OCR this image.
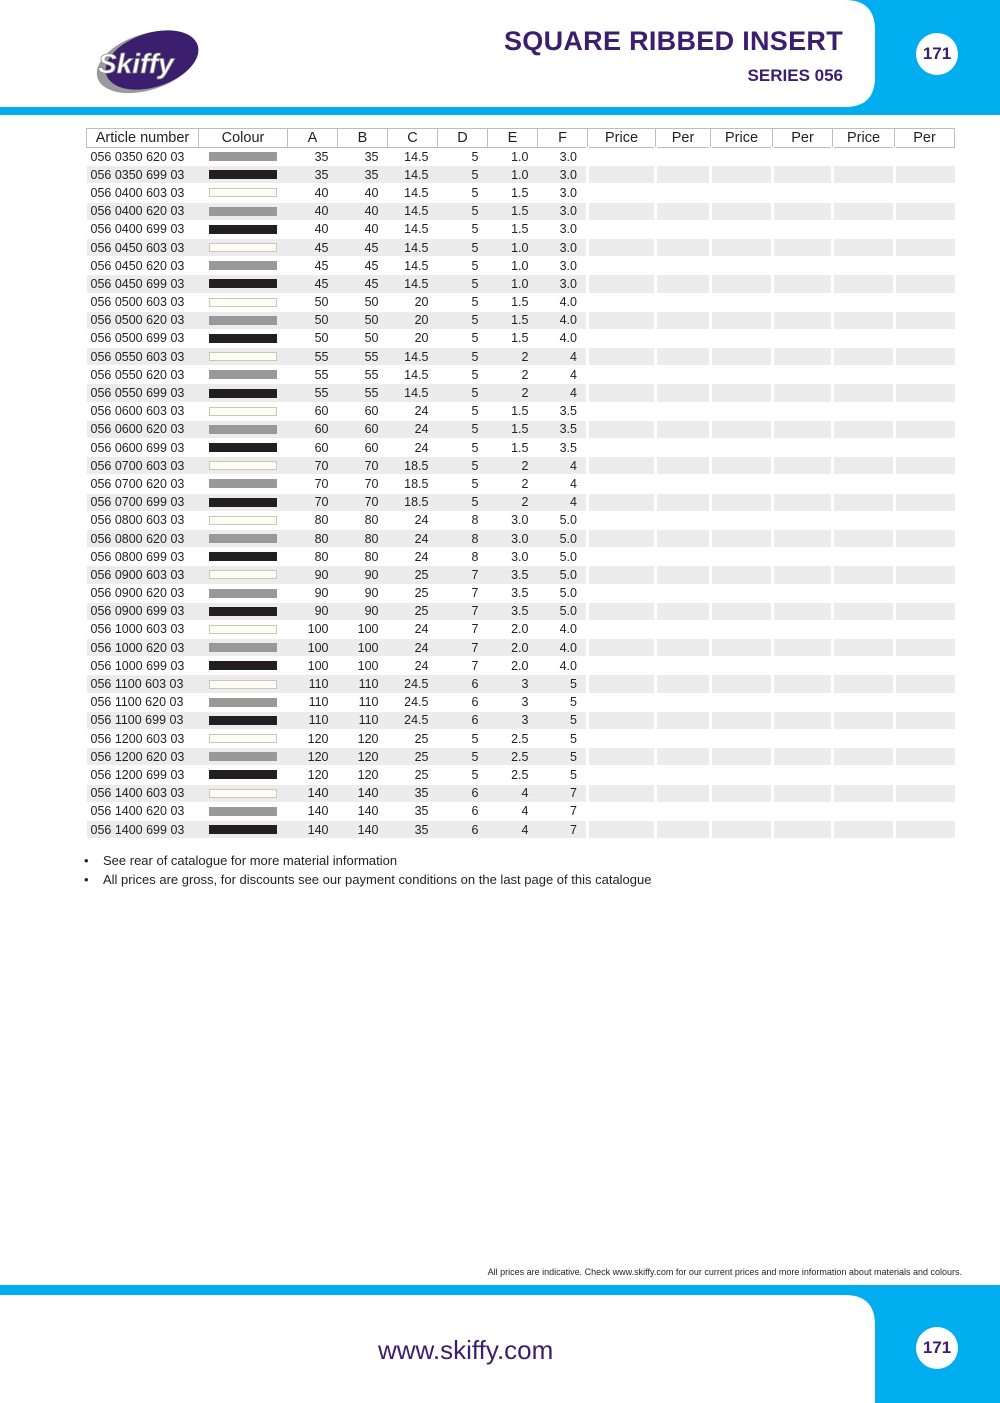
Skiffy
SQUARE RIBBED INSERT
SERIES 056
171
Article number	Colour	A	B	C	D	E	F	Price	Per	Price	Per	Price	Per
056 0350 620 03		35	35	14.5	5	1.0	3.0						
056 0350 699 03		35	35	14.5	5	1.0	3.0						
056 0400 603 03		40	40	14.5	5	1.5	3.0						
056 0400 620 03		40	40	14.5	5	1.5	3.0						
056 0400 699 03		40	40	14.5	5	1.5	3.0						
056 0450 603 03		45	45	14.5	5	1.0	3.0						
056 0450 620 03		45	45	14.5	5	1.0	3.0						
056 0450 699 03		45	45	14.5	5	1.0	3.0						
056 0500 603 03		50	50	20	5	1.5	4.0						
056 0500 620 03		50	50	20	5	1.5	4.0						
056 0500 699 03		50	50	20	5	1.5	4.0						
056 0550 603 03		55	55	14.5	5	2	4						
056 0550 620 03		55	55	14.5	5	2	4						
056 0550 699 03		55	55	14.5	5	2	4						
056 0600 603 03		60	60	24	5	1.5	3.5						
056 0600 620 03		60	60	24	5	1.5	3.5						
056 0600 699 03		60	60	24	5	1.5	3.5						
056 0700 603 03		70	70	18.5	5	2	4						
056 0700 620 03		70	70	18.5	5	2	4						
056 0700 699 03		70	70	18.5	5	2	4						
056 0800 603 03		80	80	24	8	3.0	5.0						
056 0800 620 03		80	80	24	8	3.0	5.0						
056 0800 699 03		80	80	24	8	3.0	5.0						
056 0900 603 03		90	90	25	7	3.5	5.0						
056 0900 620 03		90	90	25	7	3.5	5.0						
056 0900 699 03		90	90	25	7	3.5	5.0						
056 1000 603 03		100	100	24	7	2.0	4.0						
056 1000 620 03		100	100	24	7	2.0	4.0						
056 1000 699 03		100	100	24	7	2.0	4.0						
056 1100 603 03		110	110	24.5	6	3	5						
056 1100 620 03		110	110	24.5	6	3	5						
056 1100 699 03		110	110	24.5	6	3	5						
056 1200 603 03		120	120	25	5	2.5	5						
056 1200 620 03		120	120	25	5	2.5	5						
056 1200 699 03		120	120	25	5	2.5	5						
056 1400 603 03		140	140	35	6	4	7						
056 1400 620 03		140	140	35	6	4	7						
056 1400 699 03		140	140	35	6	4	7						
• See rear of catalogue for more material information
• All prices are gross, for discounts see our payment conditions on the last page of this catalogue
All prices are indicative. Check www.skiffy.com for our current prices and more information about materials and colours.
www.skiffy.com	171
